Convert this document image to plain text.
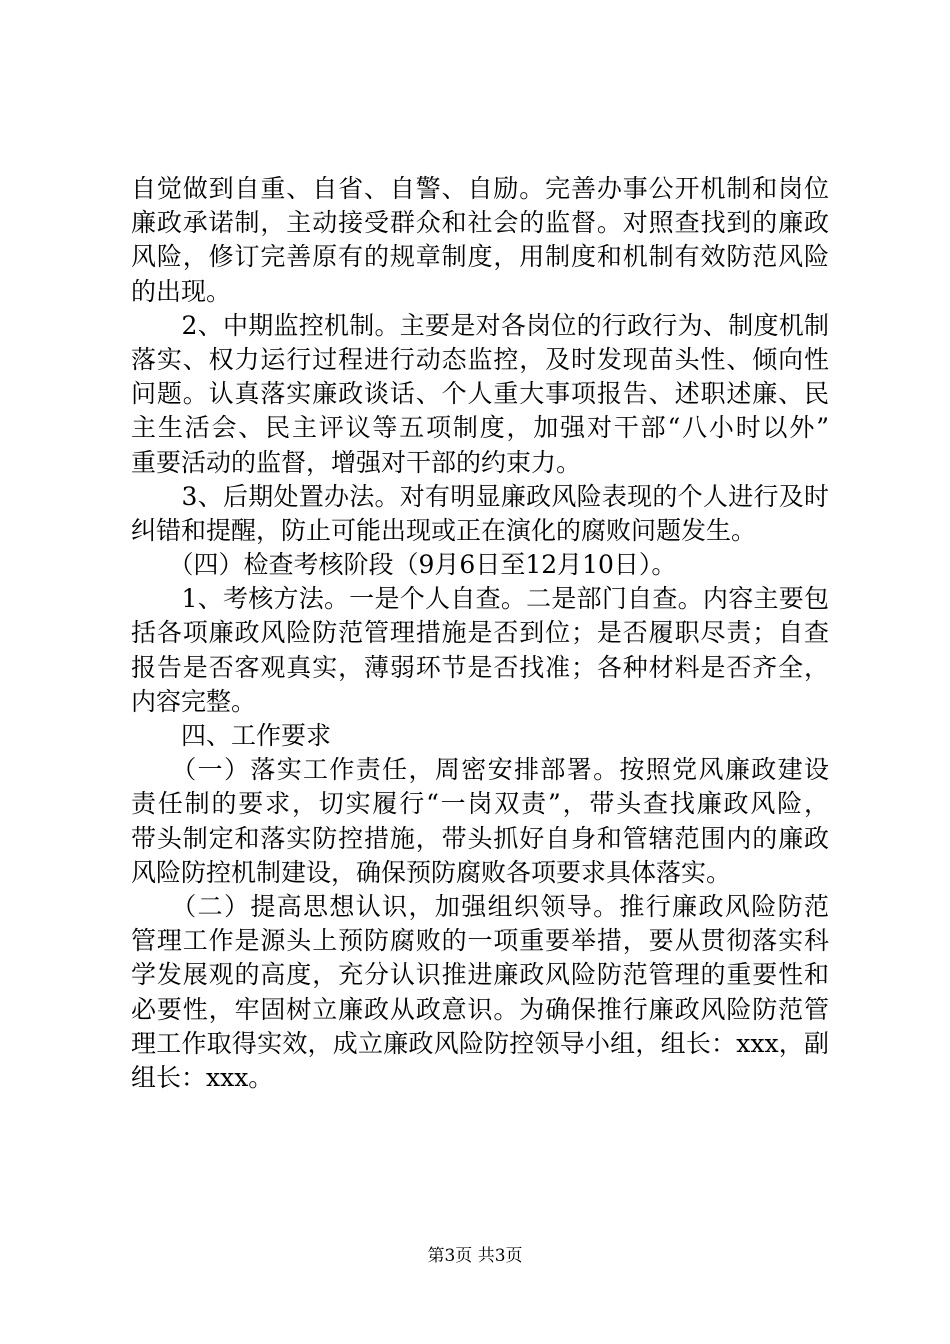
自觉做到自重、自省、自警、自励。完善办事公开机制和岗位
廉政承诺制，主动接受群众和社会的监督。对照查找到的廉政
风险，修订完善原有的规章制度，用制度和机制有效防范风险
的出现。
　　2、中期监控机制。主要是对各岗位的行政行为、制度机制
落实、权力运行过程进行动态监控，及时发现苗头性、倾向性
问题。认真落实廉政谈话、个人重大事项报告、述职述廉、民
主生活会、民主评议等五项制度，加强对干部“八小时以外”
重要活动的监督，增强对干部的约束力。
　　3、后期处置办法。对有明显廉政风险表现的个人进行及时
纠错和提醒，防止可能出现或正在演化的腐败问题发生。
　　（四）检查考核阶段（9月6日至12月10日）。
　　1、考核方法。一是个人自查。二是部门自查。内容主要包
括各项廉政风险防范管理措施是否到位；是否履职尽责；自查
报告是否客观真实，薄弱环节是否找准；各种材料是否齐全，
内容完整。
　　四、工作要求
　　（一）落实工作责任，周密安排部署。按照党风廉政建设
责任制的要求，切实履行“一岗双责”，带头查找廉政风险，
带头制定和落实防控措施，带头抓好自身和管辖范围内的廉政
风险防控机制建设，确保预防腐败各项要求具体落实。
　　（二）提高思想认识，加强组织领导。推行廉政风险防范
管理工作是源头上预防腐败的一项重要举措，要从贯彻落实科
学发展观的高度，充分认识推进廉政风险防范管理的重要性和
必要性，牢固树立廉政从政意识。为确保推行廉政风险防范管
理工作取得实效，成立廉政风险防控领导小组，组长：xxx，副
组长：xxx。
第3页 共3页
